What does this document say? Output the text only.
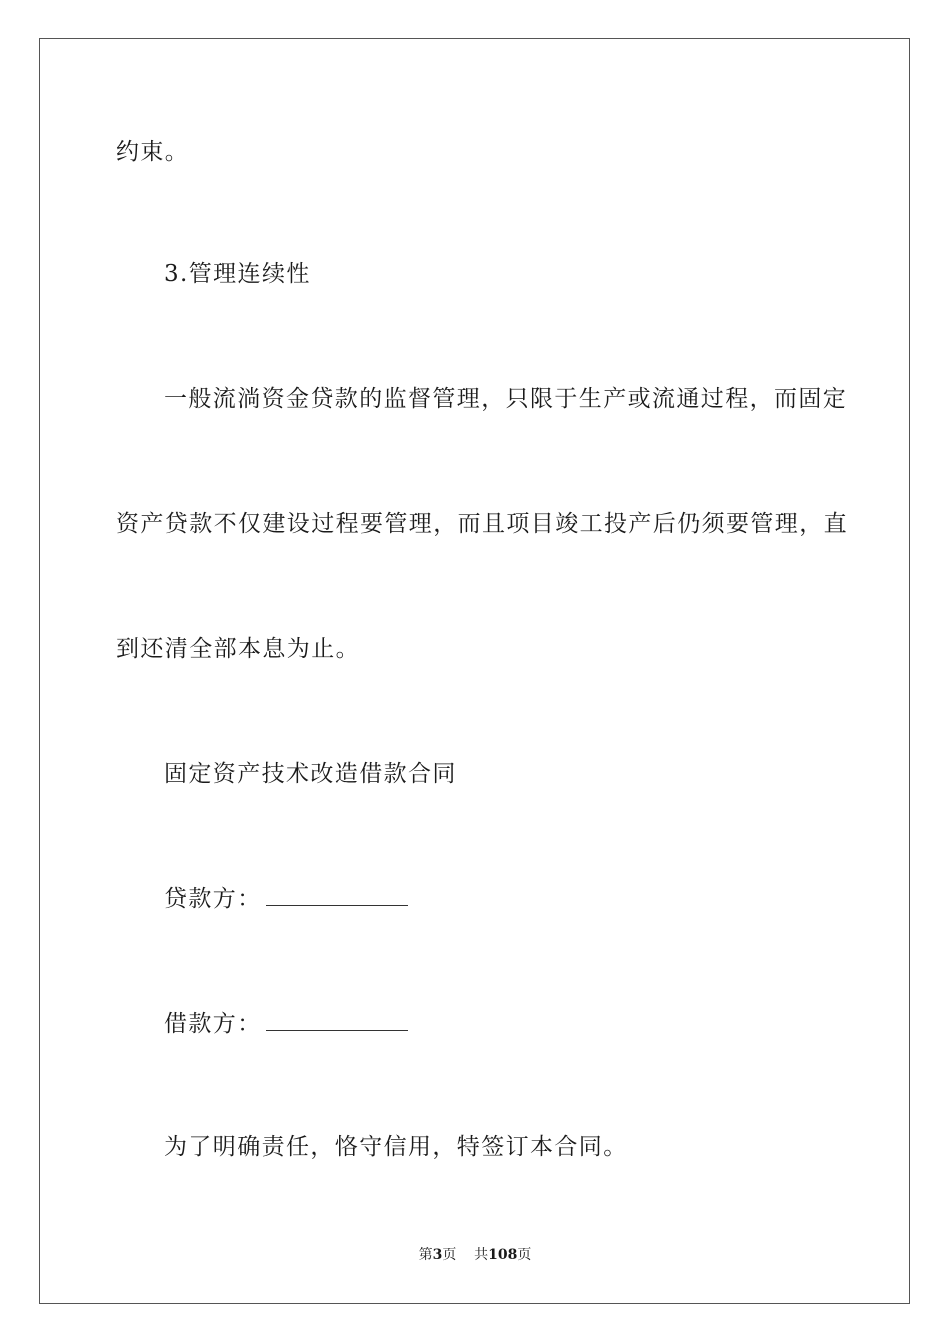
约束。
3.管理连续性
一般流淌资金贷款的监督管理，只限于生产或流通过程，而固定
资产贷款不仅建设过程要管理，而且项目竣工投产后仍须要管理，直
到还清全部本息为止。
固定资产技术改造借款合同
贷款方：
借款方：
为了明确责任，恪守信用，特签订本合同。
第3页 共108页
